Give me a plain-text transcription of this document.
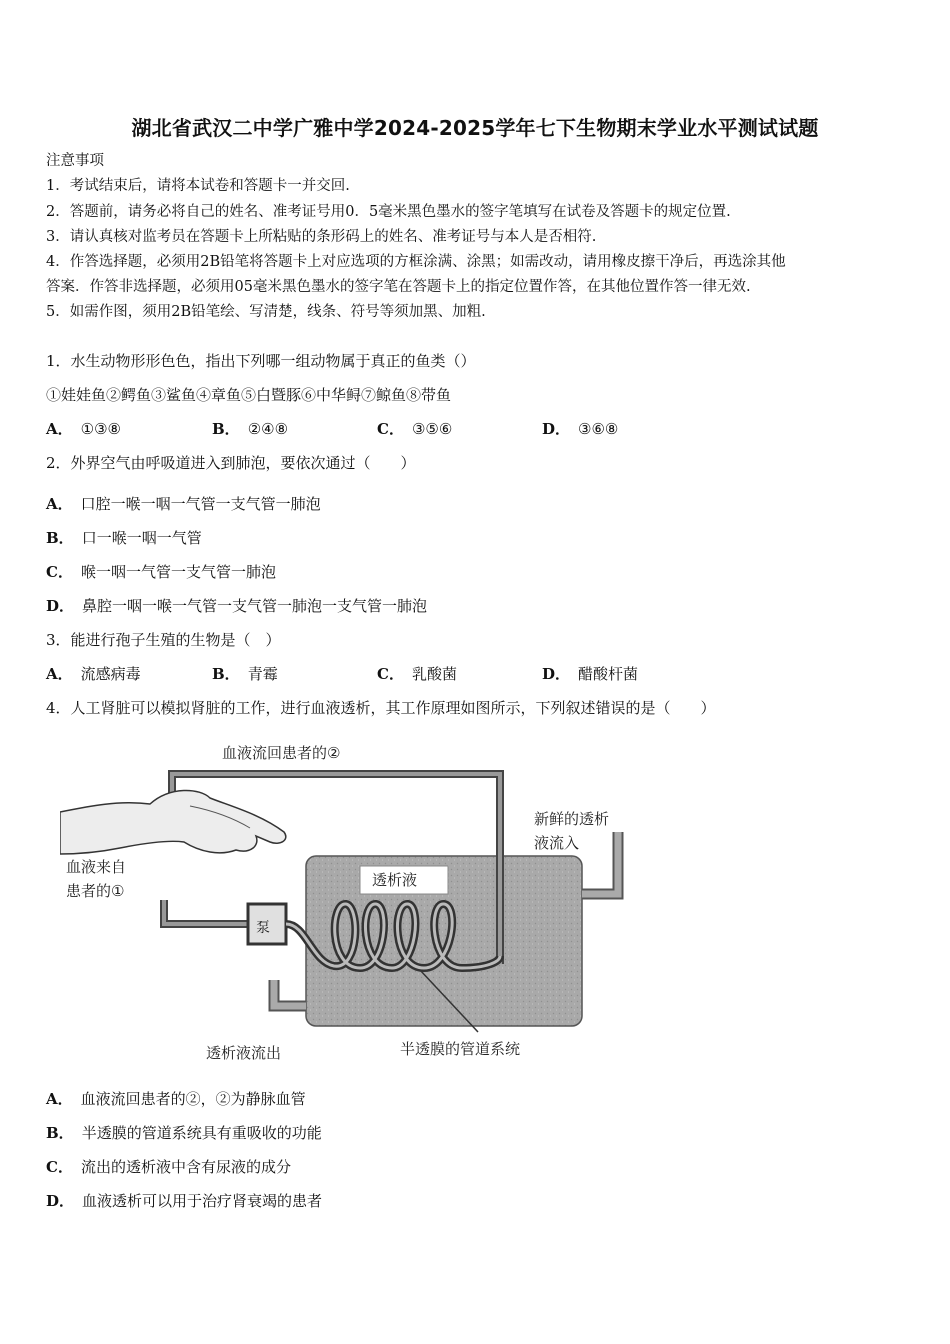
湖北省武汉二中学广雅中学2024-2025学年七下生物期末学业水平测试试题
注意事项
1．考试结束后，请将本试卷和答题卡一并交回.
2．答题前，请务必将自己的姓名、准考证号用0．5毫米黑色墨水的签字笔填写在试卷及答题卡的规定位置.
3．请认真核对监考员在答题卡上所粘贴的条形码上的姓名、准考证号与本人是否相符.
4．作答选择题，必须用2B铅笔将答题卡上对应选项的方框涂满、涂黑；如需改动，请用橡皮擦干净后，再选涂其他
答案．作答非选择题，必须用05毫米黑色墨水的签字笔在答题卡上的指定位置作答，在其他位置作答一律无效.
5．如需作图，须用2B铅笔绘、写清楚，线条、符号等须加黑、加粗.
1．水生动物形形色色，指出下列哪一组动物属于真正的鱼类（）
①娃娃鱼②鳄鱼③鲨鱼④章鱼⑤白暨豚⑥中华鲟⑦鲸鱼⑧带鱼
A． ①③⑧	B． ②④⑧	C． ③⑤⑥	D． ③⑥⑧
2．外界空气由呼吸道进入到肺泡，要依次通过（　　）
A． 口腔一喉一咽一气管一支气管一肺泡
B． 口一喉一咽一气管
C． 喉一咽一气管一支气管一肺泡
D． 鼻腔一咽一喉一气管一支气管一肺泡一支气管一肺泡
3．能进行孢子生殖的生物是（　）
A． 流感病毒	B． 青霉	C． 乳酸菌	D． 醋酸杆菌
4．人工肾脏可以模拟肾脏的工作，进行血液透析，其工作原理如图所示，下列叙述错误的是（　　）
血液流回患者的②
新鲜的透析
液流入
血液来自
患者的①
透析液
泵
透析液流出	半透膜的管道系统
A． 血液流回患者的②，②为静脉血管
B． 半透膜的管道系统具有重吸收的功能
C． 流出的透析液中含有尿液的成分
D． 血液透析可以用于治疗肾衰竭的患者
